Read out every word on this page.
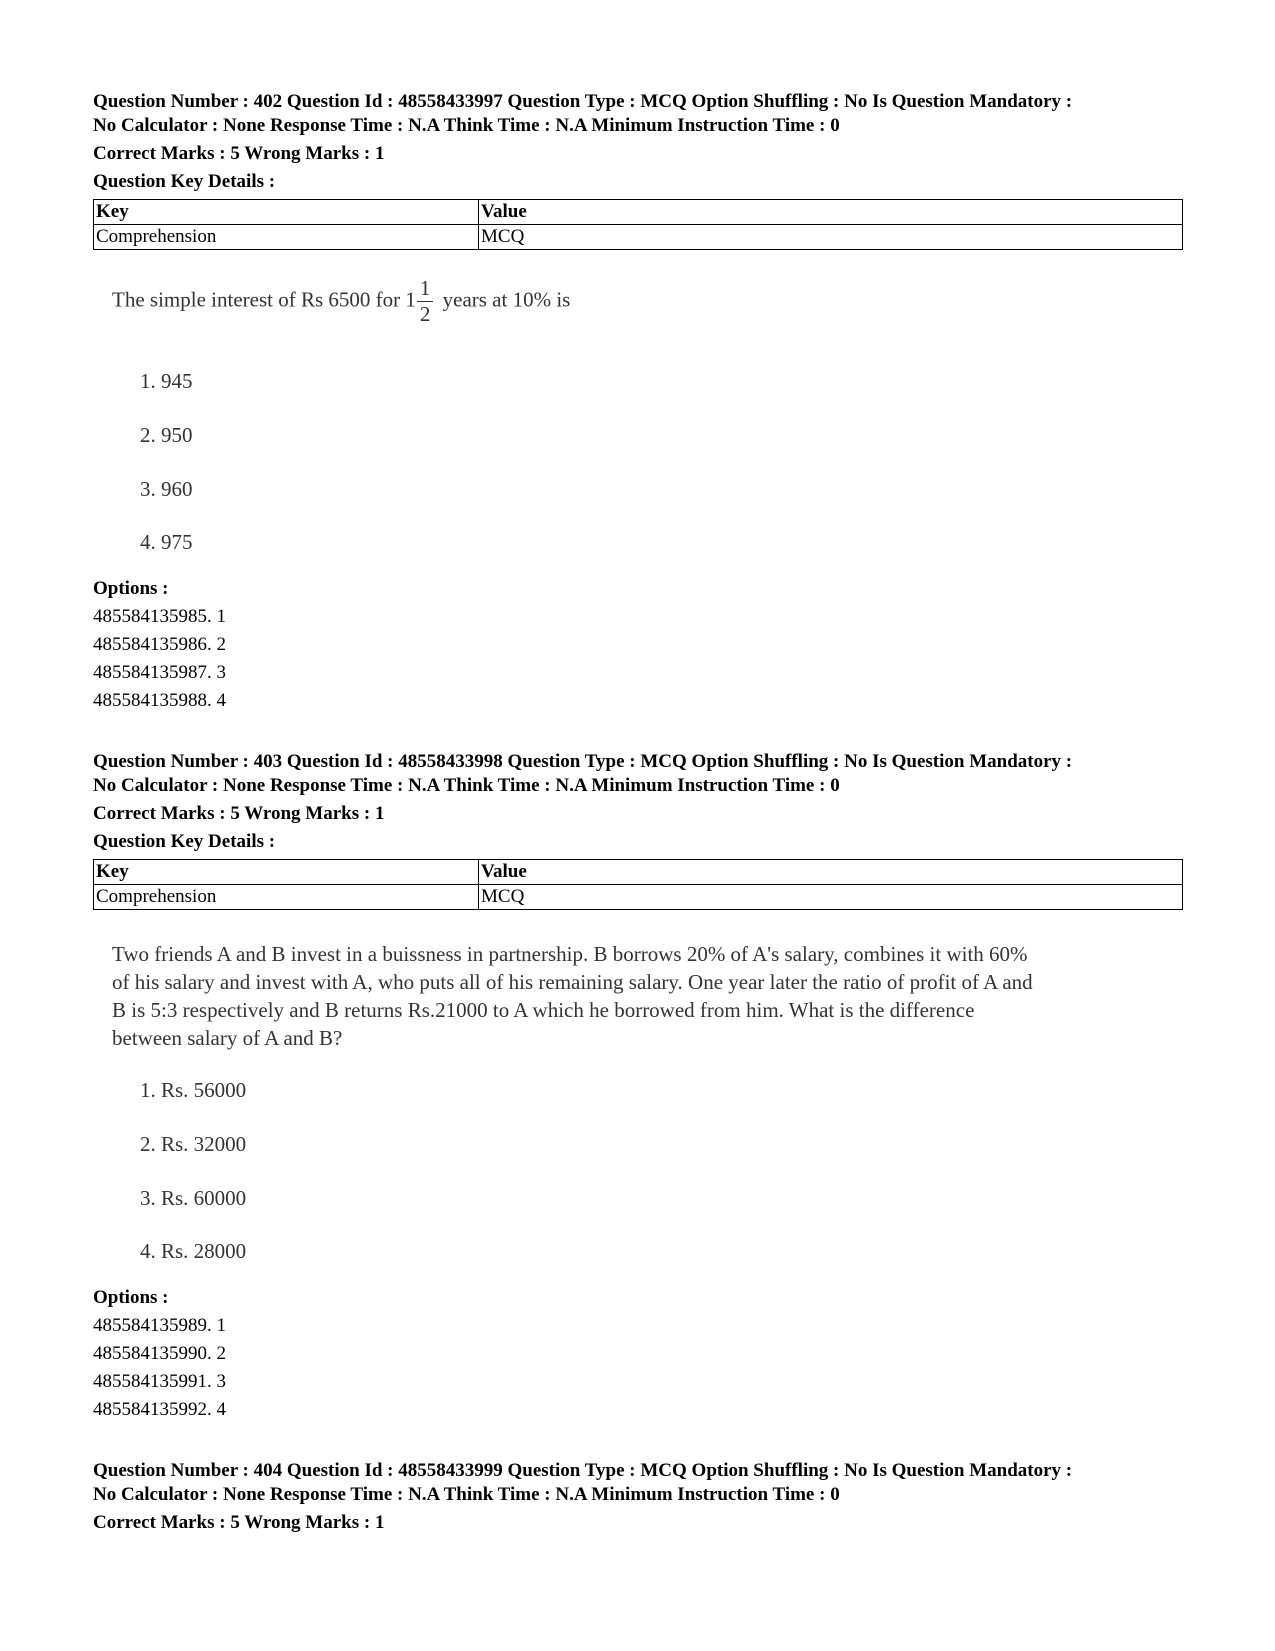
Question Number : 402 Question Id : 48558433997 Question Type : MCQ Option Shuffling : No Is Question Mandatory :
No Calculator : None Response Time : N.A Think Time : N.A Minimum Instruction Time : 0
Correct Marks : 5 Wrong Marks : 1
Question Key Details :
Key	Value
Comprehension	MCQ
The simple interest of Rs 6500 for $1 \frac{1}{2}$ years at 10% is
1. 945
2. 950
3. 960
4. 975
Options :
485584135985. 1
485584135986. 2
485584135987. 3
485584135988. 4
Question Number : 403 Question Id : 48558433998 Question Type : MCQ Option Shuffling : No Is Question Mandatory :
No Calculator : None Response Time : N.A Think Time : N.A Minimum Instruction Time : 0
Correct Marks : 5 Wrong Marks : 1
Question Key Details :
Key	Value
Comprehension	MCQ
Two friends A and B invest in a buissness in partnership. B borrows 20% of A's salary, combines it with 60%
of his salary and invest with A, who puts all of his remaining salary. One year later the ratio of profit of A and
B is 5:3 respectively and B returns Rs.21000 to A which he borrowed from him. What is the difference
between salary of A and B?
1. Rs. 56000
2. Rs. 32000
3. Rs. 60000
4. Rs. 28000
Options :
485584135989. 1
485584135990. 2
485584135991. 3
485584135992. 4
Question Number : 404 Question Id : 48558433999 Question Type : MCQ Option Shuffling : No Is Question Mandatory :
No Calculator : None Response Time : N.A Think Time : N.A Minimum Instruction Time : 0
Correct Marks : 5 Wrong Marks : 1
